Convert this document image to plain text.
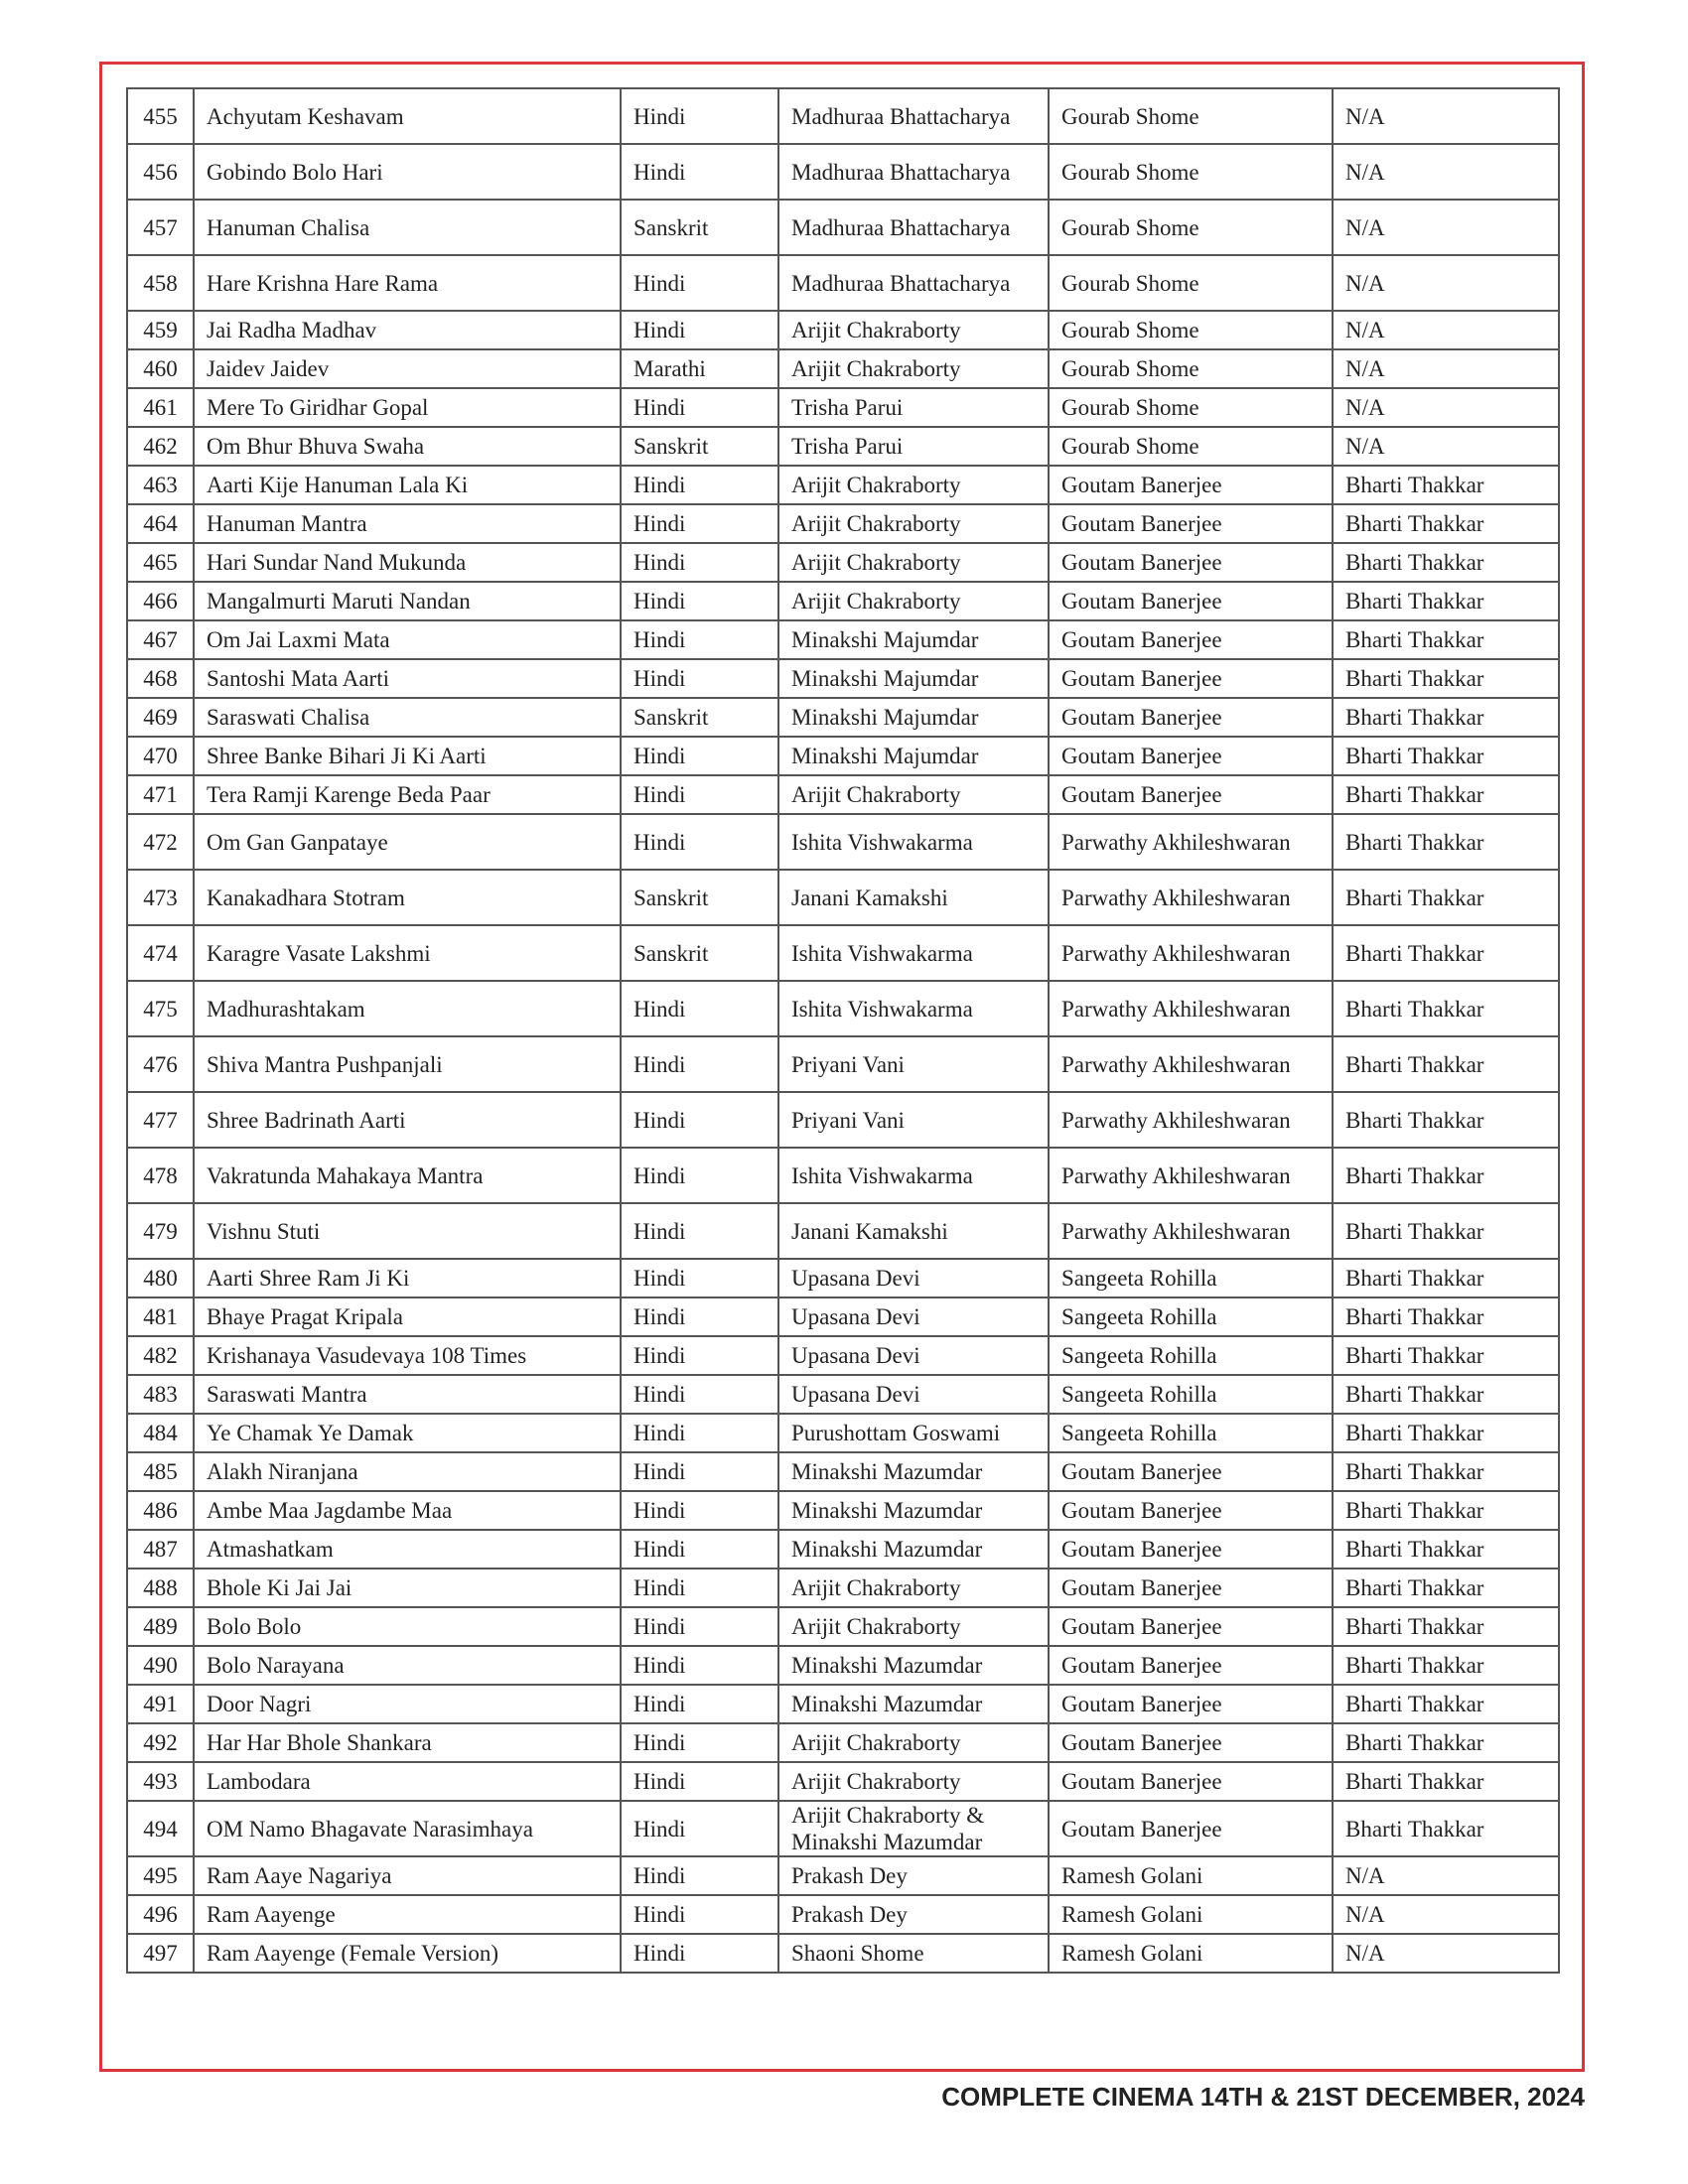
455	Achyutam Keshavam	Hindi	Madhuraa Bhattacharya	Gourab Shome	N/A
456	Gobindo Bolo Hari	Hindi	Madhuraa Bhattacharya	Gourab Shome	N/A
457	Hanuman Chalisa	Sanskrit	Madhuraa Bhattacharya	Gourab Shome	N/A
458	Hare Krishna Hare Rama	Hindi	Madhuraa Bhattacharya	Gourab Shome	N/A
459	Jai Radha Madhav	Hindi	Arijit Chakraborty	Gourab Shome	N/A
460	Jaidev Jaidev	Marathi	Arijit Chakraborty	Gourab Shome	N/A
461	Mere To Giridhar Gopal	Hindi	Trisha Parui	Gourab Shome	N/A
462	Om Bhur Bhuva Swaha	Sanskrit	Trisha Parui	Gourab Shome	N/A
463	Aarti Kije Hanuman Lala Ki	Hindi	Arijit Chakraborty	Goutam Banerjee	Bharti Thakkar
464	Hanuman Mantra	Hindi	Arijit Chakraborty	Goutam Banerjee	Bharti Thakkar
465	Hari Sundar Nand Mukunda	Hindi	Arijit Chakraborty	Goutam Banerjee	Bharti Thakkar
466	Mangalmurti Maruti Nandan	Hindi	Arijit Chakraborty	Goutam Banerjee	Bharti Thakkar
467	Om Jai Laxmi Mata	Hindi	Minakshi Majumdar	Goutam Banerjee	Bharti Thakkar
468	Santoshi Mata Aarti	Hindi	Minakshi Majumdar	Goutam Banerjee	Bharti Thakkar
469	Saraswati Chalisa	Sanskrit	Minakshi Majumdar	Goutam Banerjee	Bharti Thakkar
470	Shree Banke Bihari Ji Ki Aarti	Hindi	Minakshi Majumdar	Goutam Banerjee	Bharti Thakkar
471	Tera Ramji Karenge Beda Paar	Hindi	Arijit Chakraborty	Goutam Banerjee	Bharti Thakkar
472	Om Gan Ganpataye	Hindi	Ishita Vishwakarma	Parwathy Akhileshwaran	Bharti Thakkar
473	Kanakadhara Stotram	Sanskrit	Janani Kamakshi	Parwathy Akhileshwaran	Bharti Thakkar
474	Karagre Vasate Lakshmi	Sanskrit	Ishita Vishwakarma	Parwathy Akhileshwaran	Bharti Thakkar
475	Madhurashtakam	Hindi	Ishita Vishwakarma	Parwathy Akhileshwaran	Bharti Thakkar
476	Shiva Mantra Pushpanjali	Hindi	Priyani Vani	Parwathy Akhileshwaran	Bharti Thakkar
477	Shree Badrinath Aarti	Hindi	Priyani Vani	Parwathy Akhileshwaran	Bharti Thakkar
478	Vakratunda Mahakaya Mantra	Hindi	Ishita Vishwakarma	Parwathy Akhileshwaran	Bharti Thakkar
479	Vishnu Stuti	Hindi	Janani Kamakshi	Parwathy Akhileshwaran	Bharti Thakkar
480	Aarti Shree Ram Ji Ki	Hindi	Upasana Devi	Sangeeta Rohilla	Bharti Thakkar
481	Bhaye Pragat Kripala	Hindi	Upasana Devi	Sangeeta Rohilla	Bharti Thakkar
482	Krishanaya Vasudevaya 108 Times	Hindi	Upasana Devi	Sangeeta Rohilla	Bharti Thakkar
483	Saraswati Mantra	Hindi	Upasana Devi	Sangeeta Rohilla	Bharti Thakkar
484	Ye Chamak Ye Damak	Hindi	Purushottam Goswami	Sangeeta Rohilla	Bharti Thakkar
485	Alakh Niranjana	Hindi	Minakshi Mazumdar	Goutam Banerjee	Bharti Thakkar
486	Ambe Maa Jagdambe Maa	Hindi	Minakshi Mazumdar	Goutam Banerjee	Bharti Thakkar
487	Atmashatkam	Hindi	Minakshi Mazumdar	Goutam Banerjee	Bharti Thakkar
488	Bhole Ki Jai Jai	Hindi	Arijit Chakraborty	Goutam Banerjee	Bharti Thakkar
489	Bolo Bolo	Hindi	Arijit Chakraborty	Goutam Banerjee	Bharti Thakkar
490	Bolo Narayana	Hindi	Minakshi Mazumdar	Goutam Banerjee	Bharti Thakkar
491	Door Nagri	Hindi	Minakshi Mazumdar	Goutam Banerjee	Bharti Thakkar
492	Har Har Bhole Shankara	Hindi	Arijit Chakraborty	Goutam Banerjee	Bharti Thakkar
493	Lambodara	Hindi	Arijit Chakraborty	Goutam Banerjee	Bharti Thakkar
494	OM Namo Bhagavate Narasimhaya	Hindi	Arijit Chakraborty & Minakshi Mazumdar	Goutam Banerjee	Bharti Thakkar
495	Ram Aaye Nagariya	Hindi	Prakash Dey	Ramesh Golani	N/A
496	Ram Aayenge	Hindi	Prakash Dey	Ramesh Golani	N/A
497	Ram Aayenge (Female Version)	Hindi	Shaoni Shome	Ramesh Golani	N/A
COMPLETE CINEMA 14TH & 21ST DECEMBER, 2024
